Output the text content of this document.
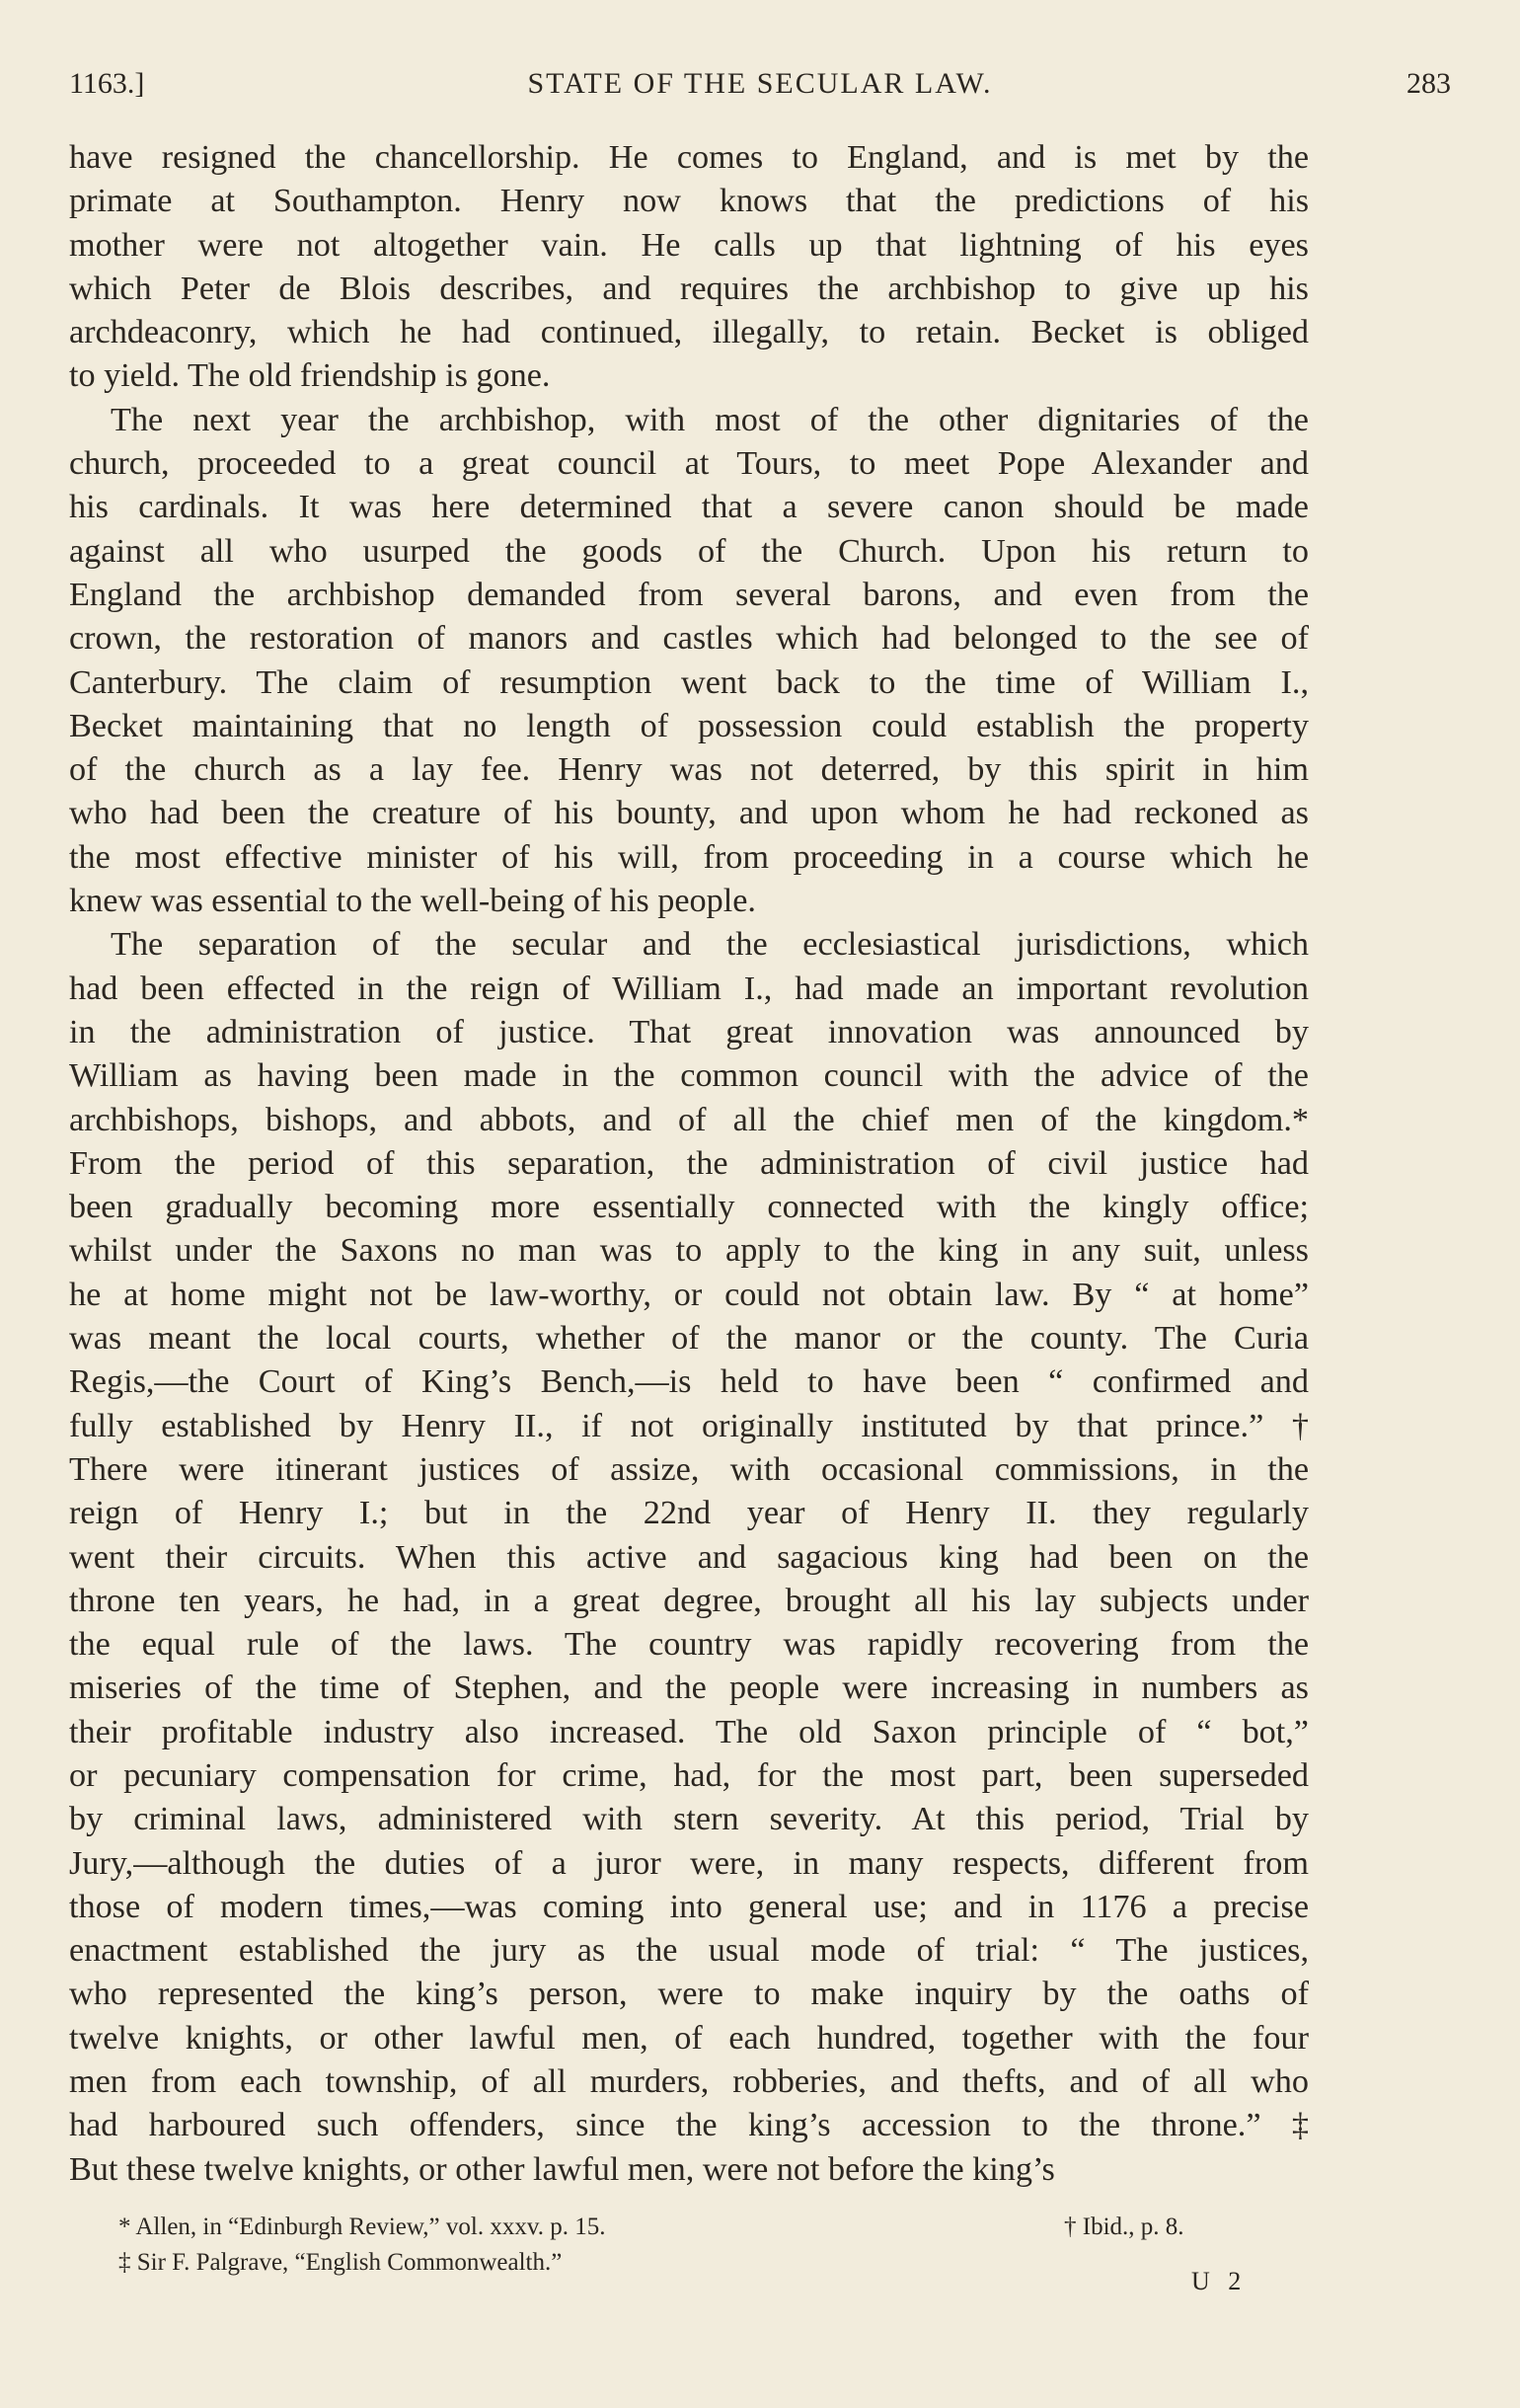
1163.]	STATE OF THE SECULAR LAW.	283

have resigned the chancellorship. He comes to England, and is met by the
primate at Southampton. Henry now knows that the predictions of his
mother were not altogether vain. He calls up that lightning of his eyes
which Peter de Blois describes, and requires the archbishop to give up his
archdeaconry, which he had continued, illegally, to retain. Becket is obliged
to yield. The old friendship is gone.

The next year the archbishop, with most of the other dignitaries of the
church, proceeded to a great council at Tours, to meet Pope Alexander and
his cardinals. It was here determined that a severe canon should be made
against all who usurped the goods of the Church. Upon his return to
England the archbishop demanded from several barons, and even from the
crown, the restoration of manors and castles which had belonged to the see of
Canterbury. The claim of resumption went back to the time of William I.,
Becket maintaining that no length of possession could establish the property
of the church as a lay fee. Henry was not deterred, by this spirit in him
who had been the creature of his bounty, and upon whom he had reckoned as
the most effective minister of his will, from proceeding in a course which he
knew was essential to the well-being of his people.

The separation of the secular and the ecclesiastical jurisdictions, which
had been effected in the reign of William I., had made an important revolution
in the administration of justice. That great innovation was announced by
William as having been made in the common council with the advice of the
archbishops, bishops, and abbots, and of all the chief men of the kingdom.*
From the period of this separation, the administration of civil justice had
been gradually becoming more essentially connected with the kingly office;
whilst under the Saxons no man was to apply to the king in any suit, unless
he at home might not be law-worthy, or could not obtain law. By “ at home”
was meant the local courts, whether of the manor or the county. The Curia
Regis,—the Court of King’s Bench,—is held to have been “ confirmed and
fully established by Henry II., if not originally instituted by that prince.” †
There were itinerant justices of assize, with occasional commissions, in the
reign of Henry I.; but in the 22nd year of Henry II. they regularly
went their circuits. When this active and sagacious king had been on the
throne ten years, he had, in a great degree, brought all his lay subjects under
the equal rule of the laws. The country was rapidly recovering from the
miseries of the time of Stephen, and the people were increasing in numbers as
their profitable industry also increased. The old Saxon principle of “ bot,”
or pecuniary compensation for crime, had, for the most part, been superseded
by criminal laws, administered with stern severity. At this period, Trial by
Jury,—although the duties of a juror were, in many respects, different from
those of modern times,—was coming into general use; and in 1176 a precise
enactment established the jury as the usual mode of trial: “ The justices,
who represented the king’s person, were to make inquiry by the oaths of
twelve knights, or other lawful men, of each hundred, together with the four
men from each township, of all murders, robberies, and thefts, and of all who
had harboured such offenders, since the king’s accession to the throne.” ‡
But these twelve knights, or other lawful men, were not before the king’s

* Allen, in “Edinburgh Review,” vol. xxxv. p. 15.	† Ibid., p. 8.
‡ Sir F. Palgrave, “English Commonwealth.”
U 2
